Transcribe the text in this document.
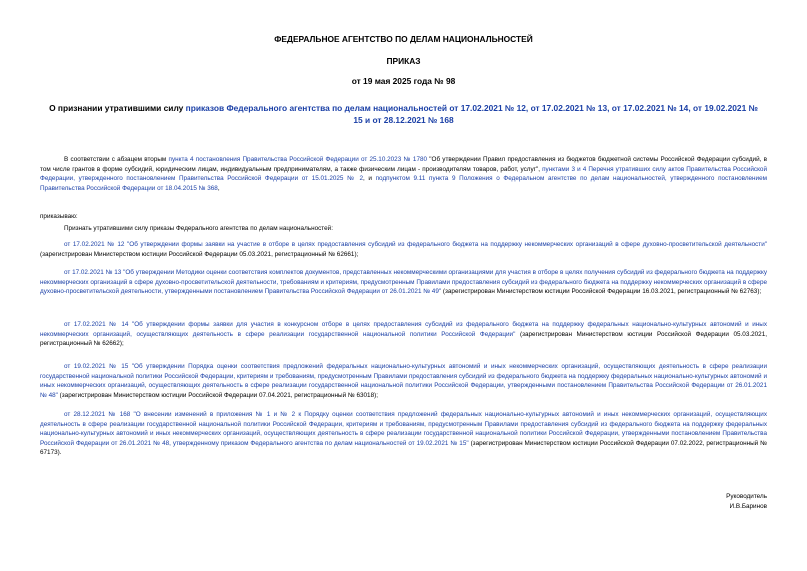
ФЕДЕРАЛЬНОЕ АГЕНТСТВО ПО ДЕЛАМ НАЦИОНАЛЬНОСТЕЙ
ПРИКАЗ
от 19 мая 2025 года № 98
О признании утратившими силу приказов Федерального агентства по делам национальностей от 17.02.2021 № 12, от 17.02.2021 № 13, от 17.02.2021 № 14, от 19.02.2021 № 15 и от 28.12.2021 № 168
В соответствии с абзацем вторым пункта 4 постановления Правительства Российской Федерации от 25.10.2023 № 1780 "Об утверждении Правил предоставления из бюджетов бюджетной системы Российской Федерации субсидий, в том числе грантов в форме субсидий, юридическим лицам, индивидуальным предпринимателям, а также физическим лицам - производителям товаров, работ, услуг", пунктами 3 и 4 Перечня утративших силу актов Правительства Российской Федерации, утвержденного постановлением Правительства Российской Федерации от 15.01.2025 № 2, и подпунктом 9.11 пункта 9 Положения о Федеральном агентстве по делам национальностей, утвержденного постановлением Правительства Российской Федерации от 18.04.2015 № 368,
приказываю:
Признать утратившими силу приказы Федерального агентства по делам национальностей:
от 17.02.2021 № 12 "Об утверждении формы заявки на участие в отборе в целях предоставления субсидий из федерального бюджета на поддержку некоммерческих организаций в сфере духовно-просветительской деятельности" (зарегистрирован Министерством юстиции Российской Федерации 05.03.2021, регистрационный № 62661);
от 17.02.2021 № 13 "Об утверждении Методики оценки соответствия комплектов документов, представленных некоммерческими организациями для участия в отборе в целях получения субсидий из федерального бюджета на поддержку некоммерческих организаций в сфере духовно-просветительской деятельности, требованиям и критериям, предусмотренным Правилами предоставления субсидий из федерального бюджета на поддержку некоммерческих организаций в сфере духовно-просветительской деятельности, утвержденными постановлением Правительства Российской Федерации от 26.01.2021 № 49" (зарегистрирован Министерством юстиции Российской Федерации 16.03.2021, регистрационный № 62763);
от 17.02.2021 № 14 "Об утверждении формы заявки для участия в конкурсном отборе в целях предоставления субсидий из федерального бюджета на поддержку федеральных национально-культурных автономий и иных некоммерческих организаций, осуществляющих деятельность в сфере реализации государственной национальной политики Российской Федерации" (зарегистрирован Министерством юстиции Российской Федерации 05.03.2021, регистрационный № 62662);
от 19.02.2021 № 15 "Об утверждении Порядка оценки соответствия предложений федеральных национально-культурных автономий и иных некоммерческих организаций, осуществляющих деятельность в сфере реализации государственной национальной политики Российской Федерации, критериям и требованиям, предусмотренным Правилами предоставления субсидий из федерального бюджета на поддержку федеральных национально-культурных автономий и иных некоммерческих организаций, осуществляющих деятельность в сфере реализации государственной национальной политики Российской Федерации, утвержденными постановлением Правительства Российской Федерации от 26.01.2021 № 48" (зарегистрирован Министерством юстиции Российской Федерации 07.04.2021, регистрационный № 63018);
от 28.12.2021 № 168 "О внесении изменений в приложения № 1 и № 2 к Порядку оценки соответствия предложений федеральных национально-культурных автономий и иных некоммерческих организаций, осуществляющих деятельность в сфере реализации государственной национальной политики Российской Федерации, критериям и требованиям, предусмотренным Правилами предоставления субсидий из федерального бюджета на поддержку федеральных национально-культурных автономий и иных некоммерческих организаций, осуществляющих деятельность в сфере реализации государственной национальной политики Российской Федерации, утвержденными постановлением Правительства Российской Федерации от 26.01.2021 № 48, утвержденному приказом Федерального агентства по делам национальностей от 19.02.2021 № 15" (зарегистрирован Министерством юстиции Российской Федерации 07.02.2022, регистрационный № 67173).
Руководитель
И.В.Баринов
